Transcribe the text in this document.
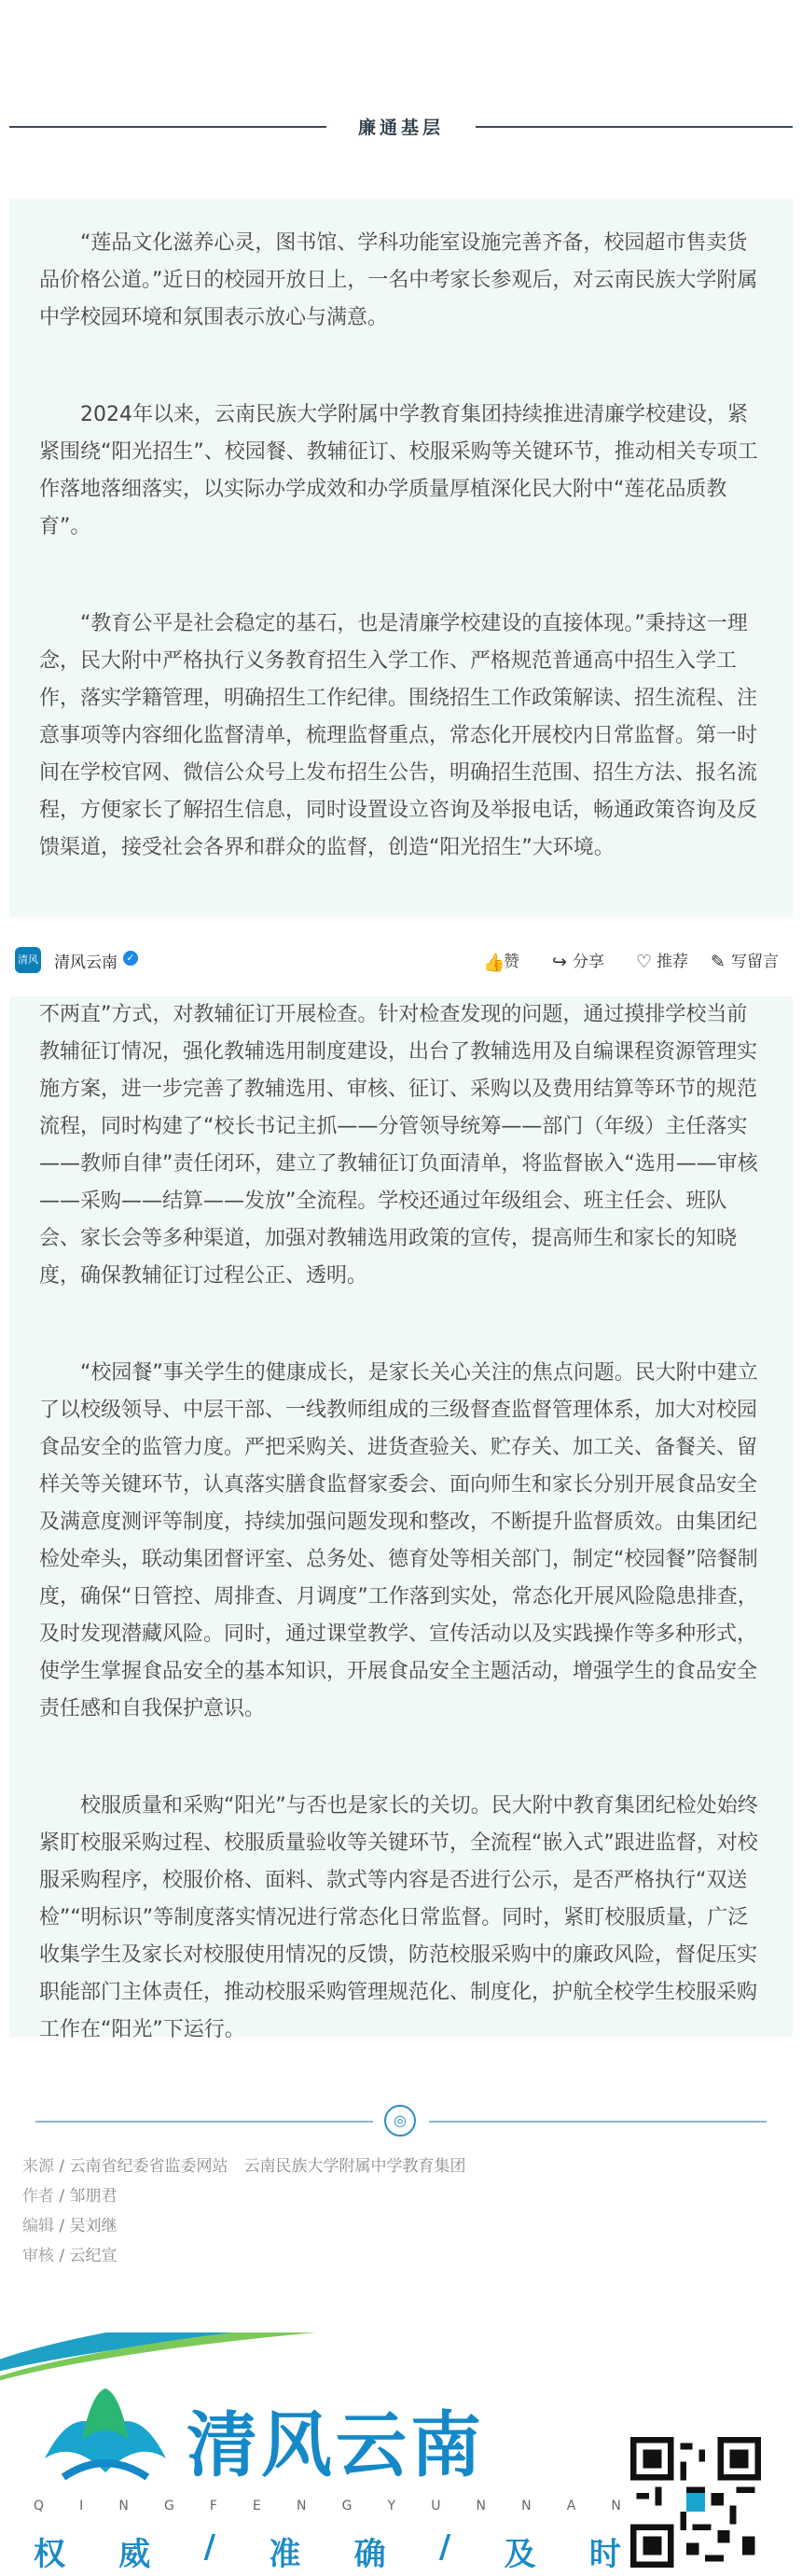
廉通基层

“莲品文化滋养心灵，图书馆、学科功能室设施完善齐备，校园超市售卖货品价格公道。”近日的校园开放日上，一名中考家长参观后，对云南民族大学附属中学校园环境和氛围表示放心与满意。

2024年以来，云南民族大学附属中学教育集团持续推进清廉学校建设，紧紧围绕“阳光招生”、校园餐、教辅征订、校服采购等关键环节，推动相关专项工作落地落细落实，以实际办学成效和办学质量厚植深化民大附中“莲花品质教育”。

“教育公平是社会稳定的基石，也是清廉学校建设的直接体现。”秉持这一理念，民大附中严格执行义务教育招生入学工作、严格规范普通高中招生入学工作，落实学籍管理，明确招生工作纪律。围绕招生工作政策解读、招生流程、注意事项等内容细化监督清单，梳理监督重点，常态化开展校内日常监督。第一时间在学校官网、微信公众号上发布招生公告，明确招生范围、招生方法、报名流程，方便家长了解招生信息，同时设置设立咨询及举报电话，畅通政策咨询及反馈渠道，接受社会各界和群众的监督，创造“阳光招生”大环境。

清风 清风云南 ✓	👍赞 ↪ 分享 ♡ 推荐 ✎ 写留言

不两直”方式，对教辅征订开展检查。针对检查发现的问题，通过摸排学校当前教辅征订情况，强化教辅选用制度建设，出台了教辅选用及自编课程资源管理实施方案，进一步完善了教辅选用、审核、征订、采购以及费用结算等环节的规范流程，同时构建了“校长书记主抓——分管领导统筹——部门（年级）主任落实——教师自律”责任闭环，建立了教辅征订负面清单，将监督嵌入“选用——审核——采购——结算——发放”全流程。学校还通过年级组会、班主任会、班队会、家长会等多种渠道，加强对教辅选用政策的宣传，提高师生和家长的知晓度，确保教辅征订过程公正、透明。

“校园餐”事关学生的健康成长，是家长关心关注的焦点问题。民大附中建立了以校级领导、中层干部、一线教师组成的三级督查监督管理体系，加大对校园食品安全的监管力度。严把采购关、进货查验关、贮存关、加工关、备餐关、留样关等关键环节，认真落实膳食监督家委会、面向师生和家长分别开展食品安全及满意度测评等制度，持续加强问题发现和整改，不断提升监督质效。由集团纪检处牵头，联动集团督评室、总务处、德育处等相关部门，制定“校园餐”陪餐制度，确保“日管控、周排查、月调度”工作落到实处，常态化开展风险隐患排查，及时发现潜藏风险。同时，通过课堂教学、宣传活动以及实践操作等多种形式，使学生掌握食品安全的基本知识，开展食品安全主题活动，增强学生的食品安全责任感和自我保护意识。

校服质量和采购“阳光”与否也是家长的关切。民大附中教育集团纪检处始终紧盯校服采购过程、校服质量验收等关键环节，全流程“嵌入式”跟进监督，对校服采购程序，校服价格、面料、款式等内容是否进行公示，是否严格执行“双送检”“明标识”等制度落实情况进行常态化日常监督。同时，紧盯校服质量，广泛收集学生及家长对校服使用情况的反馈，防范校服采购中的廉政风险，督促压实职能部门主体责任，推动校服采购管理规范化、制度化，护航全校学生校服采购工作在“阳光”下运行。

◎
来源 / 云南省纪委省监委网站　云南民族大学附属中学教育集团
作者 / 邹朋君
编辑 / 吴刘继
审核 / 云纪宣
清风云南
Q	I	N	G	F	E	N	G	Y	U	N	N	A	N
权 威 / 准 确 / 及 时
